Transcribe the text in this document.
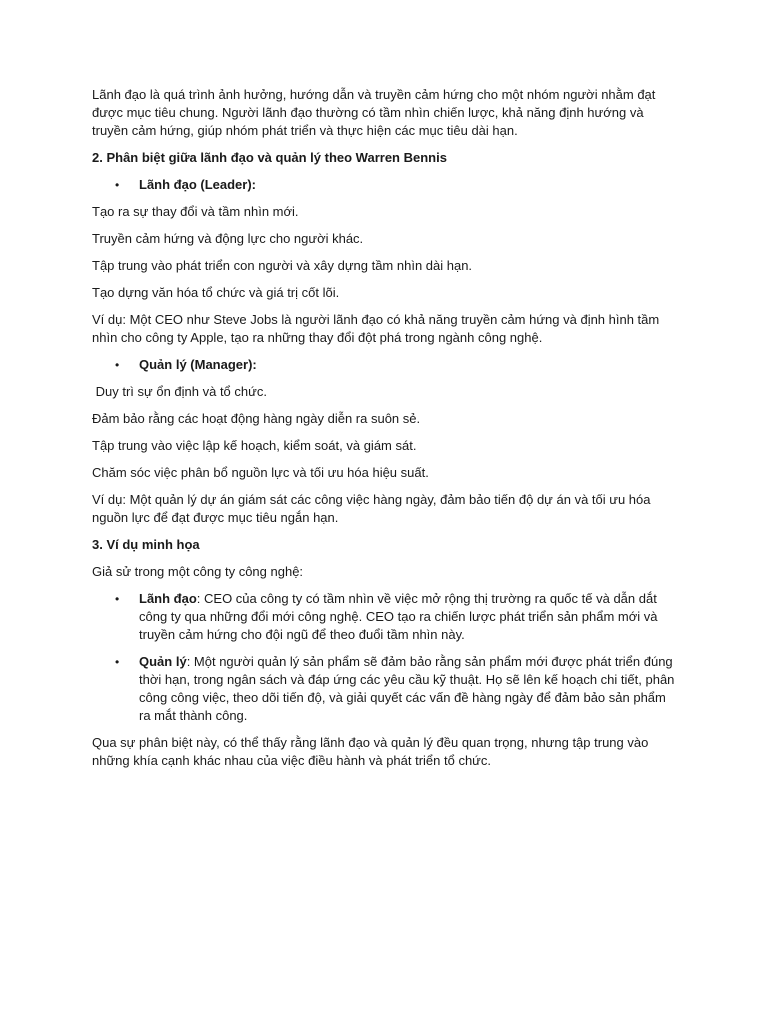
Lãnh đạo là quá trình ảnh hưởng, hướng dẫn và truyền cảm hứng cho một nhóm người nhằm đạt được mục tiêu chung. Người lãnh đạo thường có tầm nhìn chiến lược, khả năng định hướng và truyền cảm hứng, giúp nhóm phát triển và thực hiện các mục tiêu dài hạn.

2. Phân biệt giữa lãnh đạo và quản lý theo Warren Bennis

• Lãnh đạo (Leader):

Tạo ra sự thay đổi và tầm nhìn mới.

Truyền cảm hứng và động lực cho người khác.

Tập trung vào phát triển con người và xây dựng tầm nhìn dài hạn.

Tạo dựng văn hóa tổ chức và giá trị cốt lõi.

Ví dụ: Một CEO như Steve Jobs là người lãnh đạo có khả năng truyền cảm hứng và định hình tầm nhìn cho công ty Apple, tạo ra những thay đổi đột phá trong ngành công nghệ.

• Quản lý (Manager):

Duy trì sự ổn định và tổ chức.

Đảm bảo rằng các hoạt động hàng ngày diễn ra suôn sẻ.

Tập trung vào việc lập kế hoạch, kiểm soát, và giám sát.

Chăm sóc việc phân bổ nguồn lực và tối ưu hóa hiệu suất.

Ví dụ: Một quản lý dự án giám sát các công việc hàng ngày, đảm bảo tiến độ dự án và tối ưu hóa nguồn lực để đạt được mục tiêu ngắn hạn.

3. Ví dụ minh họa

Giả sử trong một công ty công nghệ:

• Lãnh đạo: CEO của công ty có tầm nhìn về việc mở rộng thị trường ra quốc tế và dẫn dắt công ty qua những đổi mới công nghệ. CEO tạo ra chiến lược phát triển sản phẩm mới và truyền cảm hứng cho đội ngũ để theo đuổi tầm nhìn này.
• Quản lý: Một người quản lý sản phẩm sẽ đảm bảo rằng sản phẩm mới được phát triển đúng thời hạn, trong ngân sách và đáp ứng các yêu cầu kỹ thuật. Họ sẽ lên kế hoạch chi tiết, phân công công việc, theo dõi tiến độ, và giải quyết các vấn đề hàng ngày để đảm bảo sản phẩm ra mắt thành công.

Qua sự phân biệt này, có thể thấy rằng lãnh đạo và quản lý đều quan trọng, nhưng tập trung vào những khía cạnh khác nhau của việc điều hành và phát triển tổ chức.
